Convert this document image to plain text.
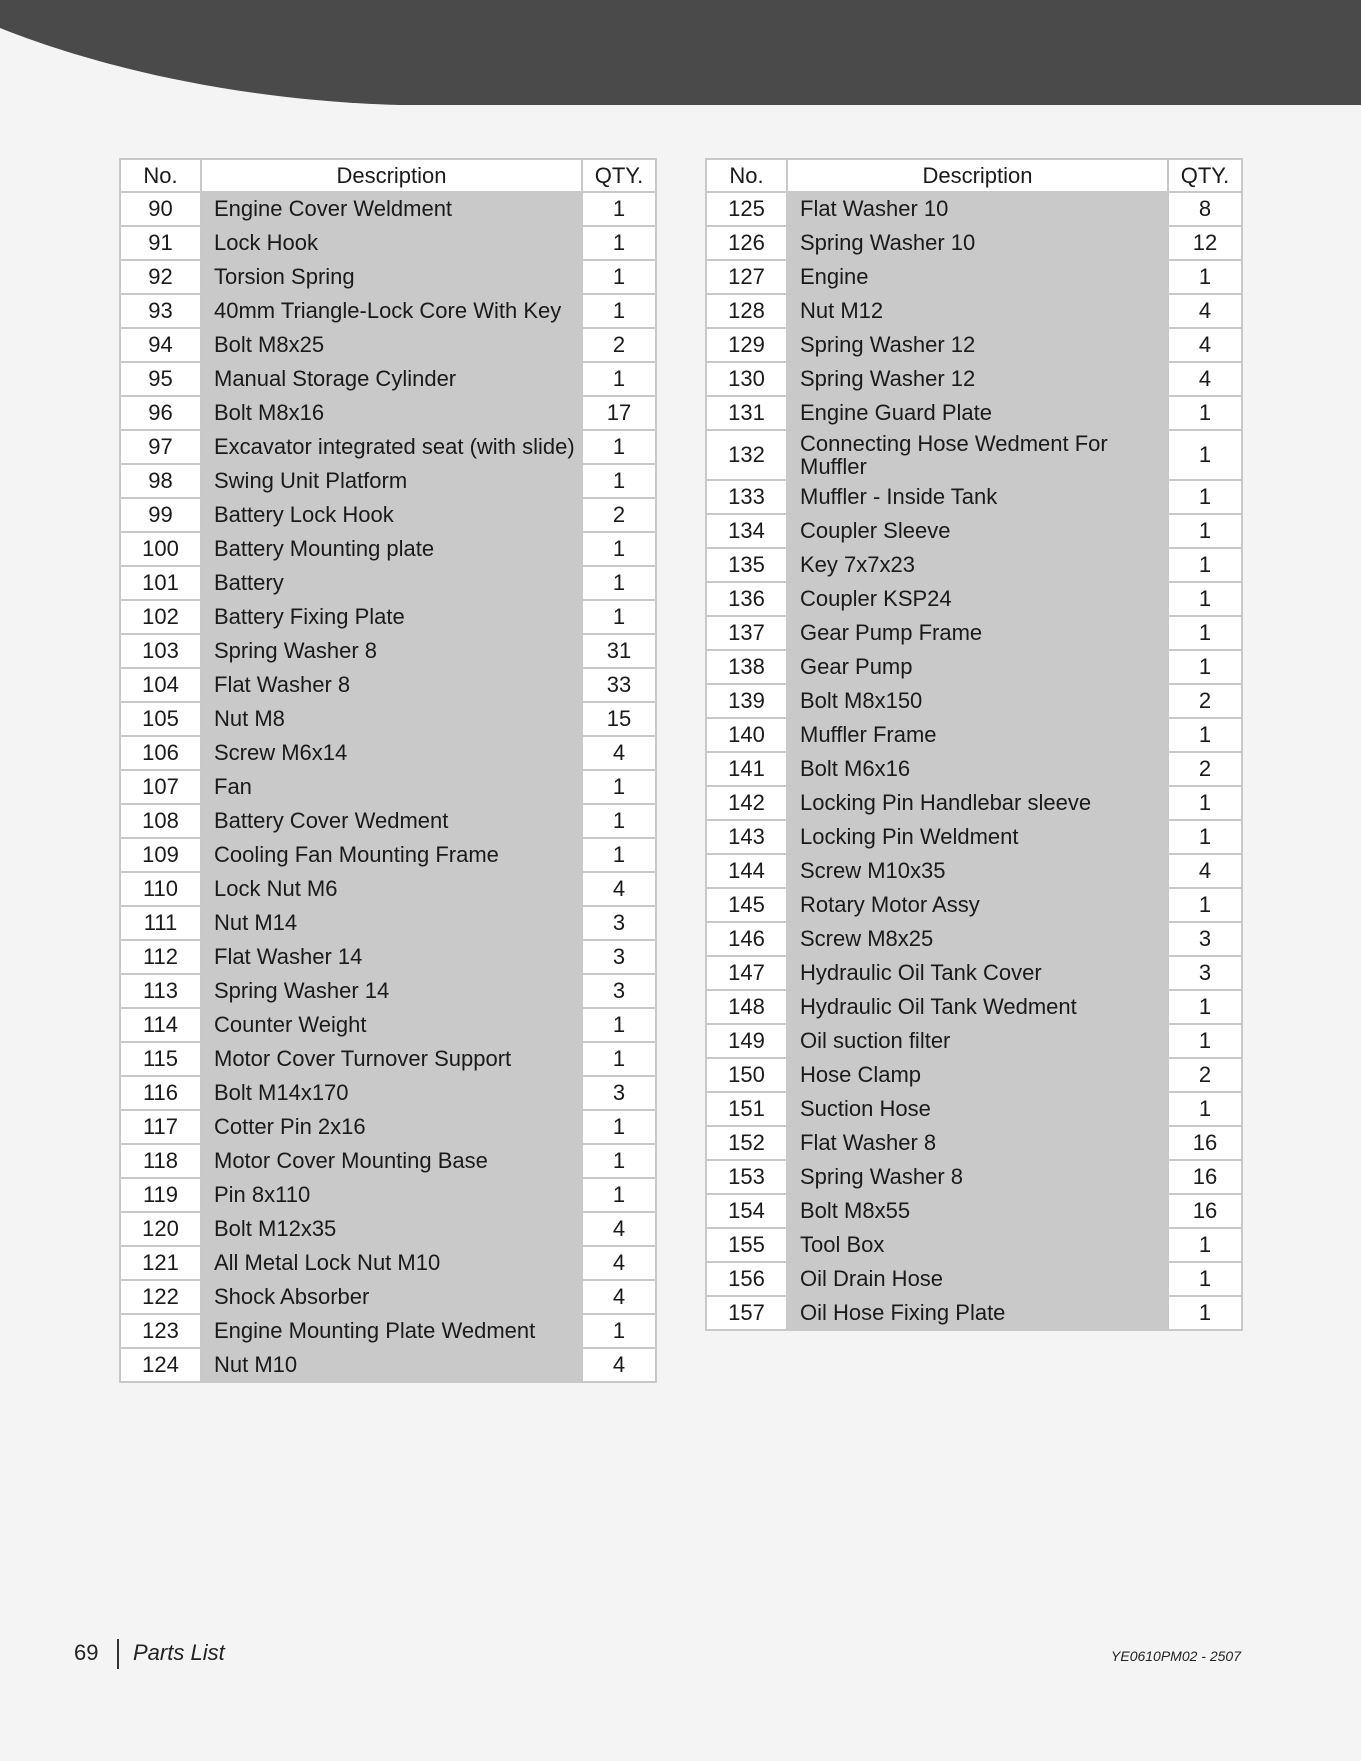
No.	Description	QTY.
90	Engine Cover Weldment	1
91	Lock Hook	1
92	Torsion Spring	1
93	40mm Triangle-Lock Core With Key	1
94	Bolt M8x25	2
95	Manual Storage Cylinder	1
96	Bolt M8x16	17
97	Excavator integrated seat (with slide)	1
98	Swing Unit Platform	1
99	Battery Lock Hook	2
100	Battery Mounting plate	1
101	Battery	1
102	Battery Fixing Plate	1
103	Spring Washer 8	31
104	Flat Washer 8	33
105	Nut M8	15
106	Screw M6x14	4
107	Fan	1
108	Battery Cover Wedment	1
109	Cooling Fan Mounting Frame	1
110	Lock Nut M6	4
111	Nut M14	3
112	Flat Washer 14	3
113	Spring Washer 14	3
114	Counter Weight	1
115	Motor Cover Turnover Support	1
116	Bolt M14x170	3
117	Cotter Pin 2x16	1
118	Motor Cover Mounting Base	1
119	Pin 8x110	1
120	Bolt M12x35	4
121	All Metal Lock Nut M10	4
122	Shock Absorber	4
123	Engine Mounting Plate Wedment	1
124	Nut M10	4
No.	Description	QTY.
125	Flat Washer 10	8
126	Spring Washer 10	12
127	Engine	1
128	Nut M12	4
129	Spring Washer 12	4
130	Spring Washer 12	4
131	Engine Guard Plate	1
132	Connecting Hose Wedment For Muffler	1
133	Muffler - Inside Tank	1
134	Coupler Sleeve	1
135	Key 7x7x23	1
136	Coupler KSP24	1
137	Gear Pump Frame	1
138	Gear Pump	1
139	Bolt M8x150	2
140	Muffler Frame	1
141	Bolt M6x16	2
142	Locking Pin Handlebar sleeve	1
143	Locking Pin Weldment	1
144	Screw M10x35	4
145	Rotary Motor Assy	1
146	Screw M8x25	3
147	Hydraulic Oil Tank Cover	3
148	Hydraulic Oil Tank Wedment	1
149	Oil suction filter	1
150	Hose Clamp	2
151	Suction Hose	1
152	Flat Washer 8	16
153	Spring Washer 8	16
154	Bolt M8x55	16
155	Tool Box	1
156	Oil Drain Hose	1
157	Oil Hose Fixing Plate	1
69 Parts List	YE0610PM02 - 2507
